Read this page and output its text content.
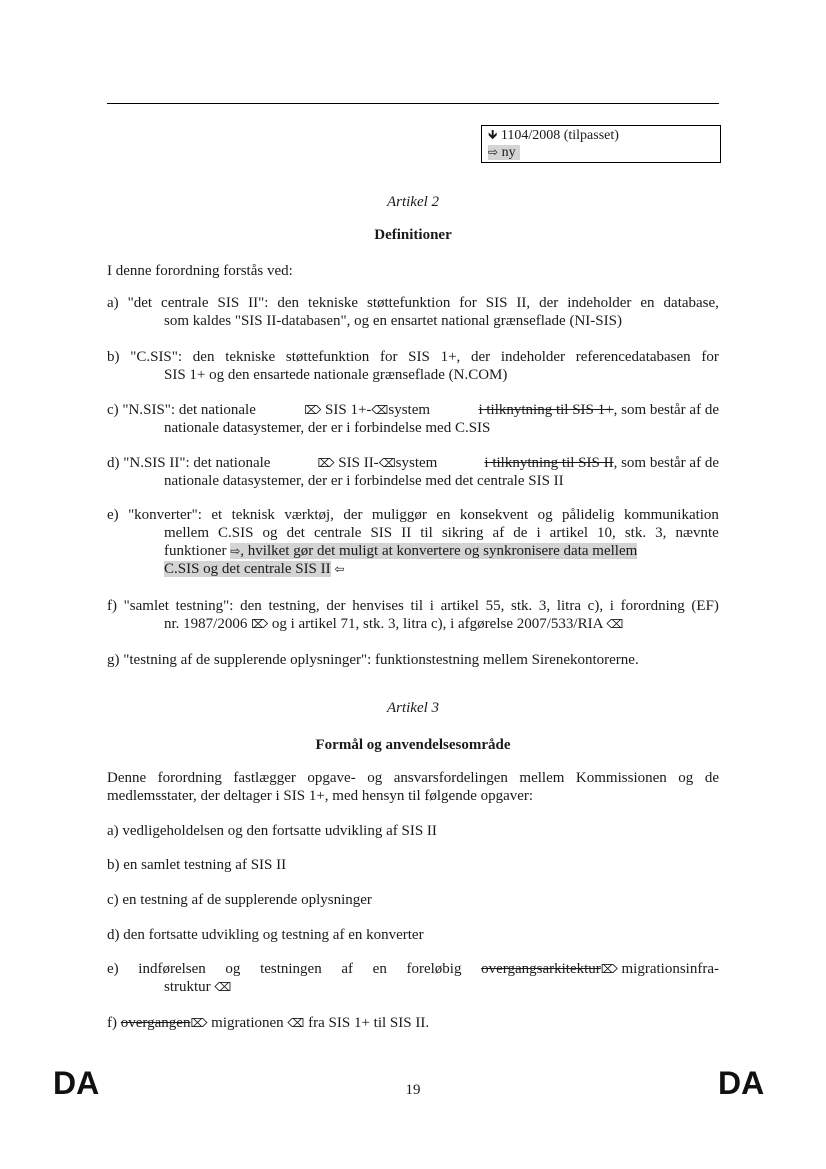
🡻 1104/2008 (tilpasset)
⇨ ny
Artikel 2
Definitioner
I denne forordning forstås ved:
a) "det centrale SIS II": den tekniske støttefunktion for SIS II, der indeholder en database,
som kaldes "SIS II-databasen", og en ensartet national grænseflade (NI-SIS)
b) "C.SIS": den tekniske støttefunktion for SIS 1+, der indeholder referencedatabasen for
SIS 1+ og den ensartede nationale grænseflade (N.COM)
c) "N.SIS": det nationale	⌦ SIS 1+-⌫system	i tilknytning til SIS 1+, som består af de
nationale datasystemer, der er i forbindelse med C.SIS
d) "N.SIS II": det nationale	⌦ SIS II-⌫system	i tilknytning til SIS II, som består af de
nationale datasystemer, der er i forbindelse med det centrale SIS II
e) "konverter": et teknisk værktøj, der muliggør en konsekvent og pålidelig kommunikation
mellem C.SIS og det centrale SIS II til sikring af de i artikel 10, stk. 3, nævnte
funktioner ⇨, hvilket gør det muligt at konvertere og synkronisere data mellem
C.SIS og det centrale SIS II ⇦
f) "samlet testning": den testning, der henvises til i artikel 55, stk. 3, litra c), i forordning (EF)
nr. 1987/2006 ⌦ og i artikel 71, stk. 3, litra c), i afgørelse 2007/533/RIA ⌫
g) "testning af de supplerende oplysninger": funktionstestning mellem Sirenekontorerne.
Artikel 3
Formål og anvendelsesområde
Denne forordning fastlægger opgave- og ansvarsfordelingen mellem Kommissionen og de medlemsstater, der deltager i SIS 1+, med hensyn til følgende opgaver:
a) vedligeholdelsen og den fortsatte udvikling af SIS II
b) en samlet testning af SIS II
c) en testning af de supplerende oplysninger
d) den fortsatte udvikling og testning af en konverter
e) indførelsen og testningen af en foreløbig overgangsarkitektur⌦ migrationsinfra-
struktur ⌫
f) overgangen⌦ migrationen ⌫ fra SIS 1+ til SIS II.
DA	19	DA
